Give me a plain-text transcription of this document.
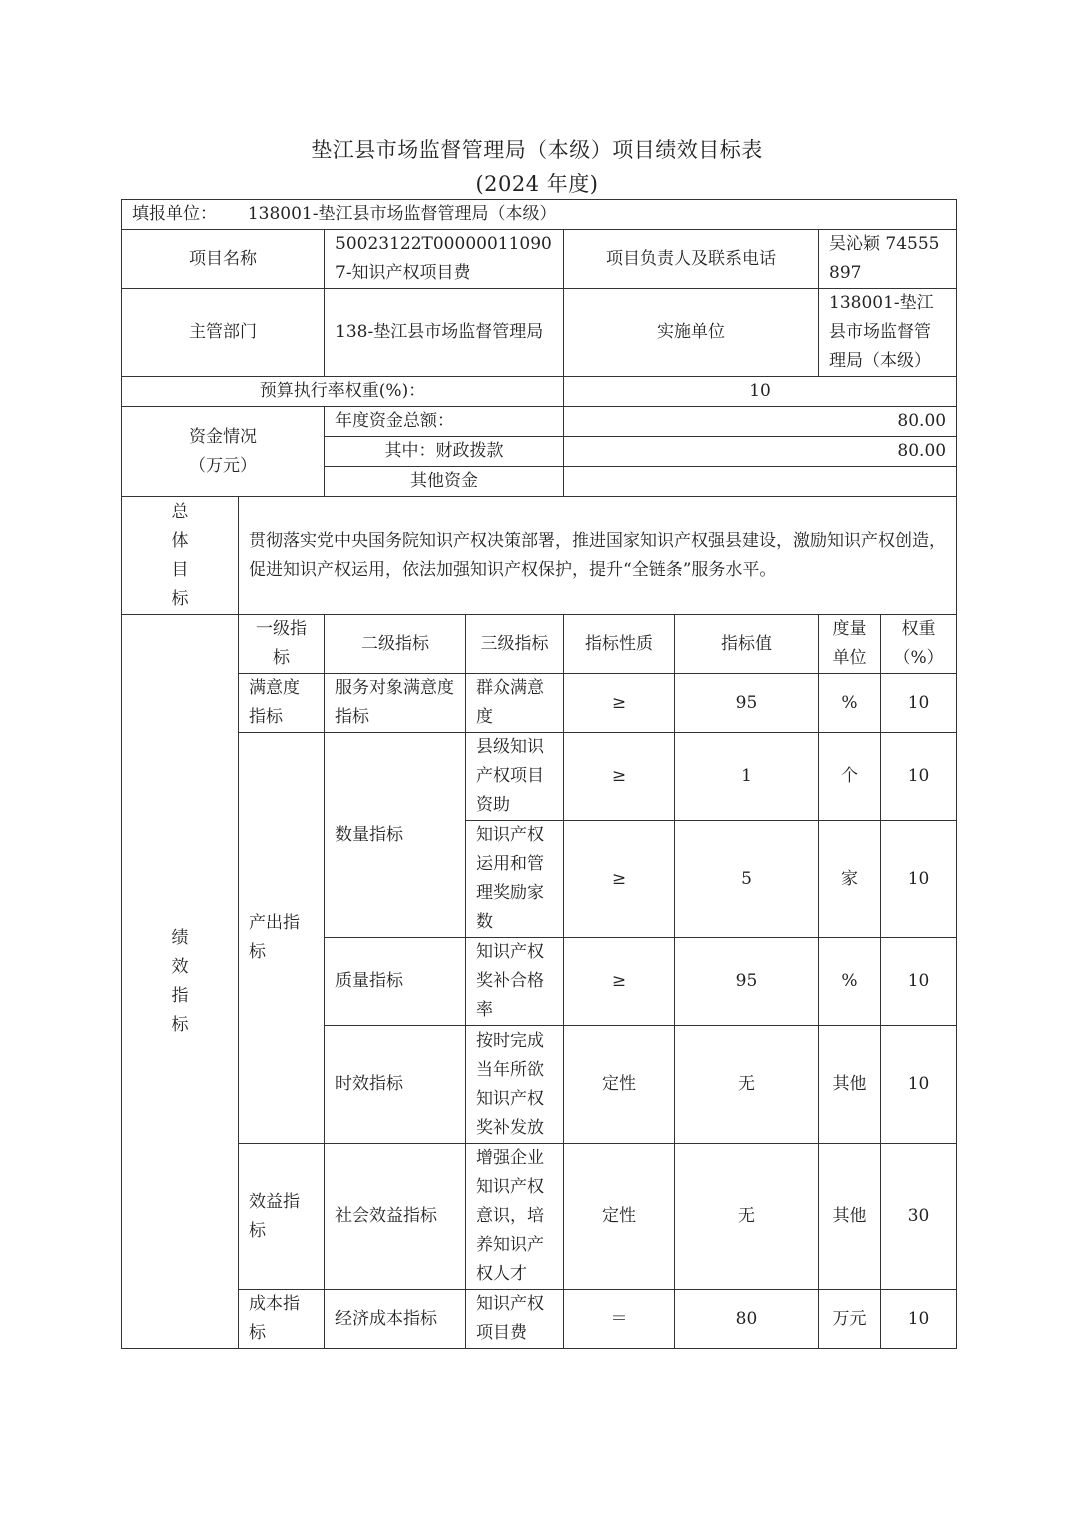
垫江县市场监督管理局（本级）项目绩效目标表
(2024 年度)
填报单位： 138001-垫江县市场监督管理局（本级）							
项目名称		50023122T000000110907-知识产权项目费		项目负责人及联系电话		吴沁颖 74555897	
主管部门		138-垫江县市场监督管理局		实施单位		138001-垫江县市场监督管理局（本级）	
预算执行率权重(%)：				10			
资金情况（万元）		年度资金总额：		80.00			
		其中：财政拨款		80.00			
		其他资金					
总体目标	贯彻落实党中央国务院知识产权决策部署，推进国家知识产权强县建设，激励知识产权创造，促进知识产权运用，依法加强知识产权保护，提升“全链条”服务水平。						
绩效指标	一级指标	二级指标	三级指标	指标性质	指标值	度量单位	权重（%）
	满意度指标	服务对象满意度指标	群众满意度	≥	95	%	10
	产出指标	数量指标	县级知识产权项目资助	≥	1	个	10
			知识产权运用和管理奖励家数	≥	5	家	10
		质量指标	知识产权奖补合格率	≥	95	%	10
		时效指标	按时完成当年所欲知识产权奖补发放	定性	无	其他	10
	效益指标	社会效益指标	增强企业知识产权意识，培养知识产权人才	定性	无	其他	30
	成本指标	经济成本指标	知识产权项目费	＝	80	万元	10
